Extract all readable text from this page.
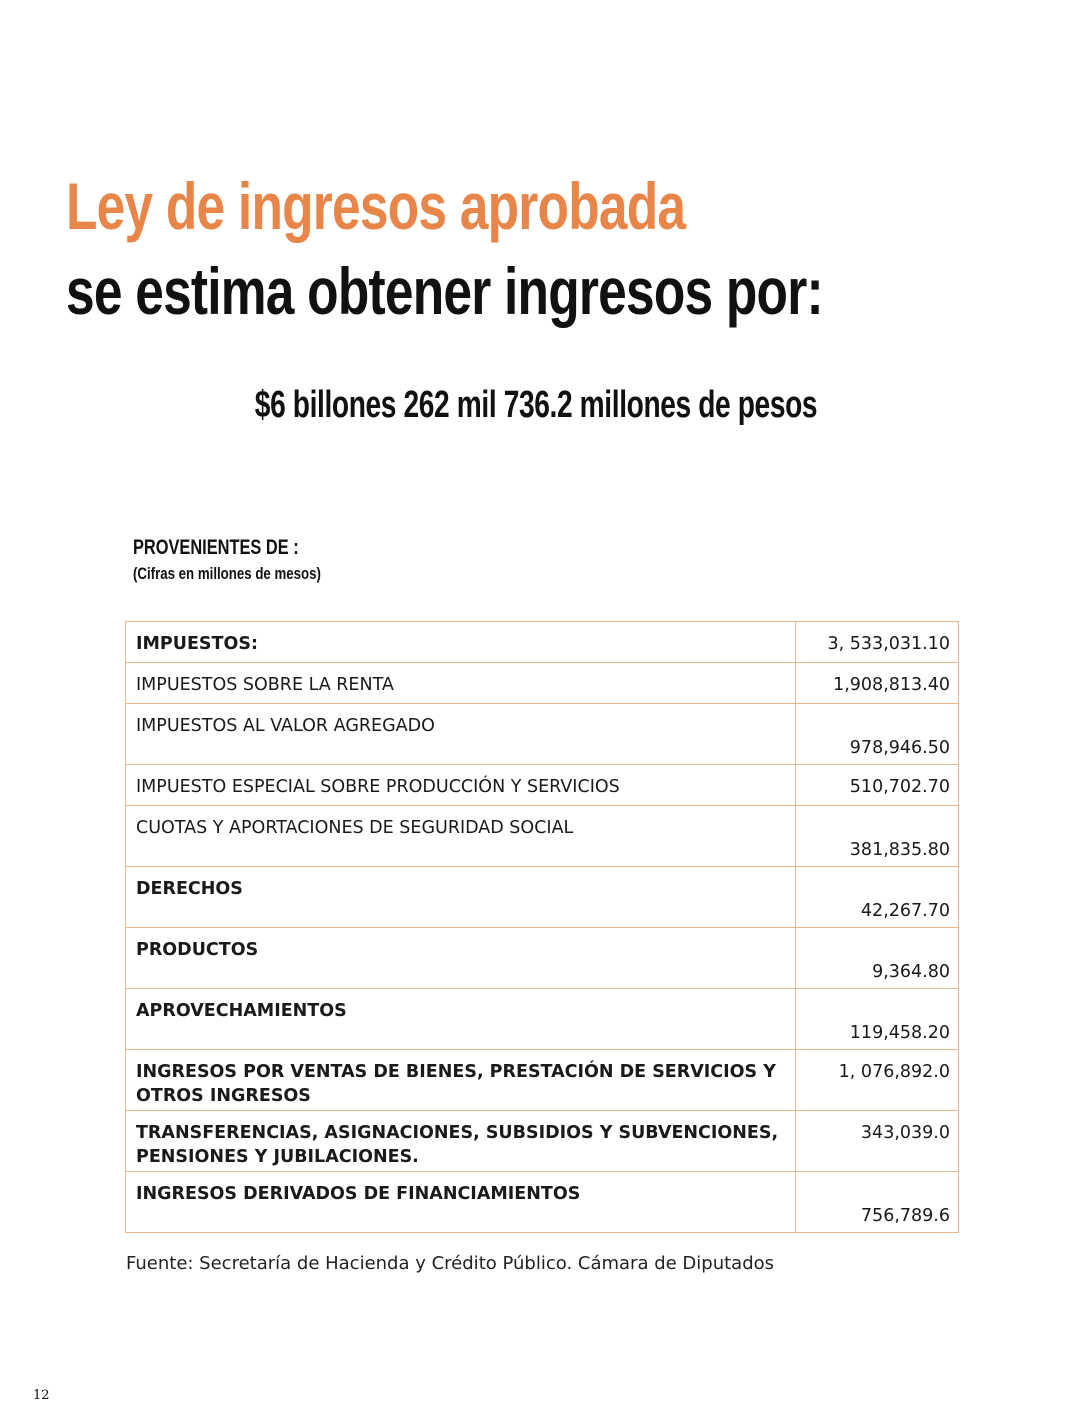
Ley de ingresos aprobada
se estima obtener ingresos por:
$6 billones 262 mil 736.2 millones de pesos
PROVENIENTES DE :
(Cifras en millones de mesos)
IMPUESTOS:	3, 533,031.10
IMPUESTOS SOBRE LA RENTA	1,908,813.40
IMPUESTOS AL VALOR AGREGADO	978,946.50
IMPUESTO ESPECIAL SOBRE PRODUCCIÓN Y SERVICIOS	510,702.70
CUOTAS Y APORTACIONES DE SEGURIDAD SOCIAL	381,835.80
DERECHOS	42,267.70
PRODUCTOS	9,364.80
APROVECHAMIENTOS	119,458.20
INGRESOS POR VENTAS DE BIENES, PRESTACIÓN DE SERVICIOS Y OTROS INGRESOS	1, 076,892.0
TRANSFERENCIAS, ASIGNACIONES, SUBSIDIOS Y SUBVENCIONES, PENSIONES Y JUBILACIONES.	343,039.0
INGRESOS DERIVADOS DE FINANCIAMIENTOS	756,789.6
Fuente: Secretaría de Hacienda y Crédito Público. Cámara de Diputados
12
